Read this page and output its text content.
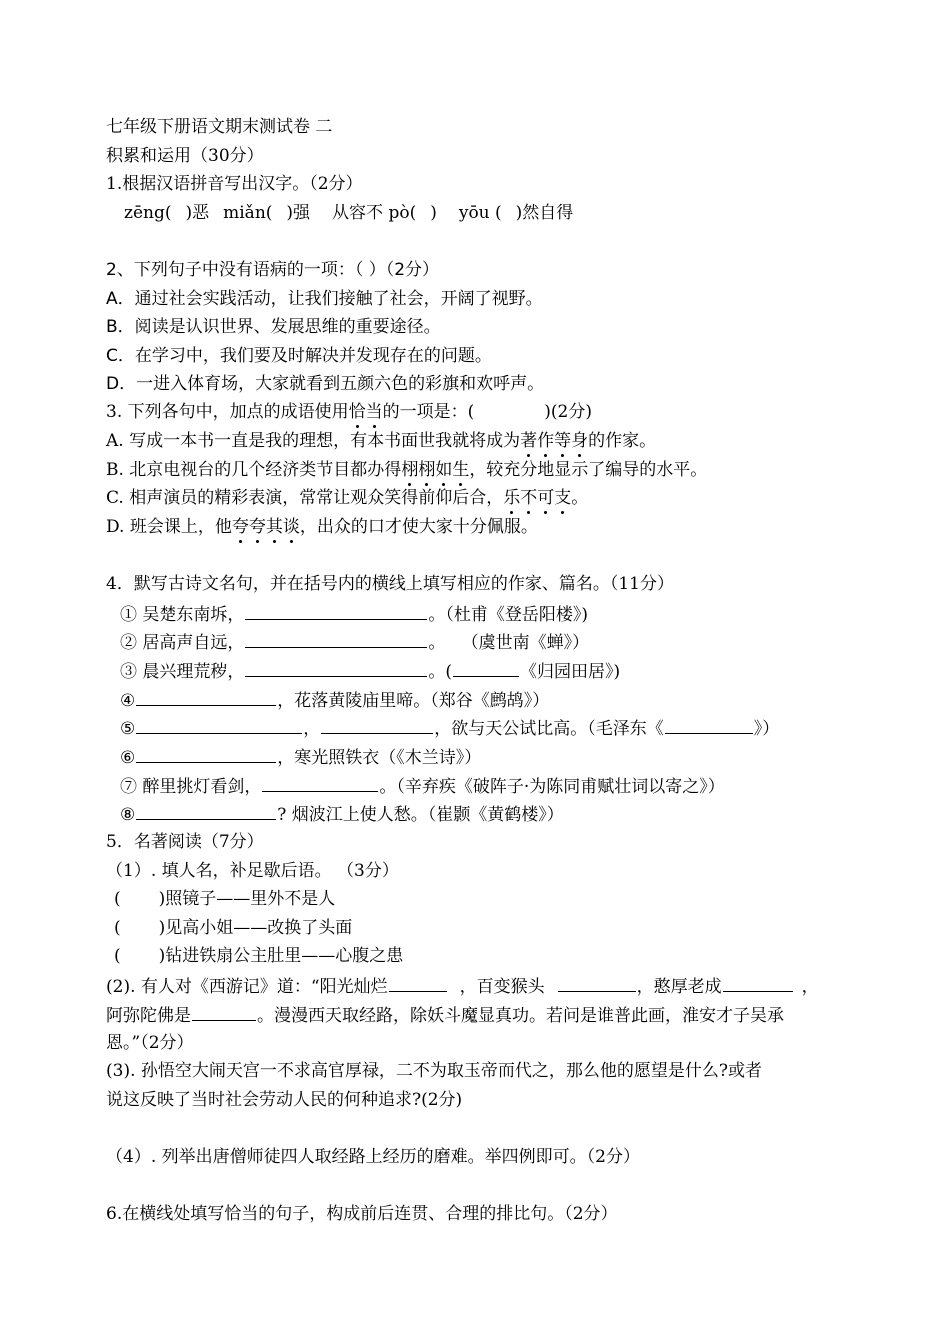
七年级下册语文期末测试卷 二
积累和运用（30分）
1.根据汉语拼音写出汉字。（2分）
zēng( )恶 miǎn( )强 从容不 pò( ) yōu ( )然自得
2、下列句子中没有语病的一项：（ ）（2分）
A．通过社会实践活动，让我们接触了社会，开阔了视野。
B．阅读是认识世界、发展思维的重要途径。
C．在学习中，我们要及时解决并发现存在的问题。
D．一进入体育场，大家就看到五颜六色的彩旗和欢呼声。
3. 下列各句中，加点的成语使用恰当的一项是：(	)(2分)
A. 写成一本书一直是我的理想，有本书面世我就将成为著作等身的作家。
B. 北京电视台的几个经济类节目都办得栩栩如生，较充分地显示了编导的水平。
C. 相声演员的精彩表演，常常让观众笑得前仰后合，乐不可支。
D. 班会课上，他夸夸其谈，出众的口才使大家十分佩服。
4．默写古诗文名句，并在括号内的横线上填写相应的作家、篇名。（11分）
① 吴楚东南坼，	。（杜甫《登岳阳楼》)
② 居高声自远，	。   （虞世南《蝉》）
③ 晨兴理荒秽，	。(	《归园田居》)
④	，花落黄陵庙里啼。（郑谷《鹧鸪》）
⑤	，	，欲与天公试比高。（毛泽东《	》）
⑥	，寒光照铁衣（《木兰诗》）
⑦ 醉里挑灯看剑，	。（辛弃疾《破阵子·为陈同甫赋壮词以寄之》）
⑧	? 烟波江上使人愁。（崔颢《黄鹤楼》）
5．名著阅读（7分）
（1）. 填人名，补足歇后语。 （3分）
( )照镜子——里外不是人
( )见高小姐——改换了头面
( )钻进铁扇公主肚里——心腹之患
(2). 有人对《西游记》道：“阳光灿烂	，百变猴头	，憨厚老成	，
阿弥陀佛是	。漫漫西天取经路，除妖斗魔显真功。若问是谁普此画，淮安才子吴承
恩。”（2分）
(3). 孙悟空大闹天宫一不求高官厚禄，二不为取玉帝而代之，那么他的愿望是什么?或者
说这反映了当时社会劳动人民的何种追求?(2分)
（4）. 列举出唐僧师徒四人取经路上经历的磨难。举四例即可。（2分）
6.在横线处填写恰当的句子，构成前后连贯、合理的排比句。（2分）
